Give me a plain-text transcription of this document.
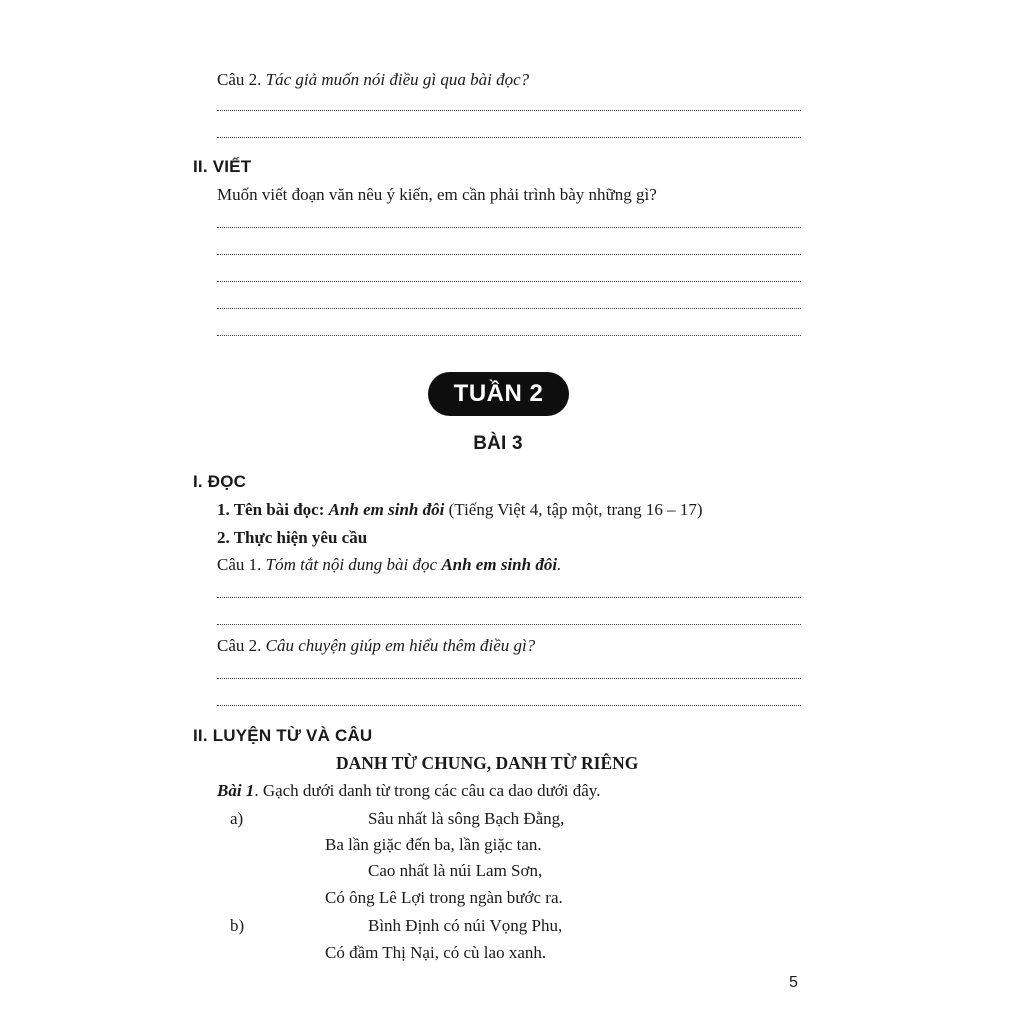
Câu 2. Tác giả muốn nói điều gì qua bài đọc?
II. VIẾT
Muốn viết đoạn văn nêu ý kiến, em cần phải trình bày những gì?
TUẦN 2
BÀI 3
I. ĐỌC
1. Tên bài đọc: Anh em sinh đôi (Tiếng Việt 4, tập một, trang 16 – 17)
2. Thực hiện yêu cầu
Câu 1. Tóm tắt nội dung bài đọc Anh em sinh đôi.
Câu 2. Câu chuyện giúp em hiểu thêm điều gì?
II. LUYỆN TỪ VÀ CÂU
DANH TỪ CHUNG, DANH TỪ RIÊNG
Bài 1. Gạch dưới danh từ trong các câu ca dao dưới đây.
a)	Sâu nhất là sông Bạch Đằng,
Ba lần giặc đến ba, lần giặc tan.
Cao nhất là núi Lam Sơn,
Có ông Lê Lợi trong ngàn bước ra.
b)	Bình Định có núi Vọng Phu,
Có đầm Thị Nại, có cù lao xanh.
5
